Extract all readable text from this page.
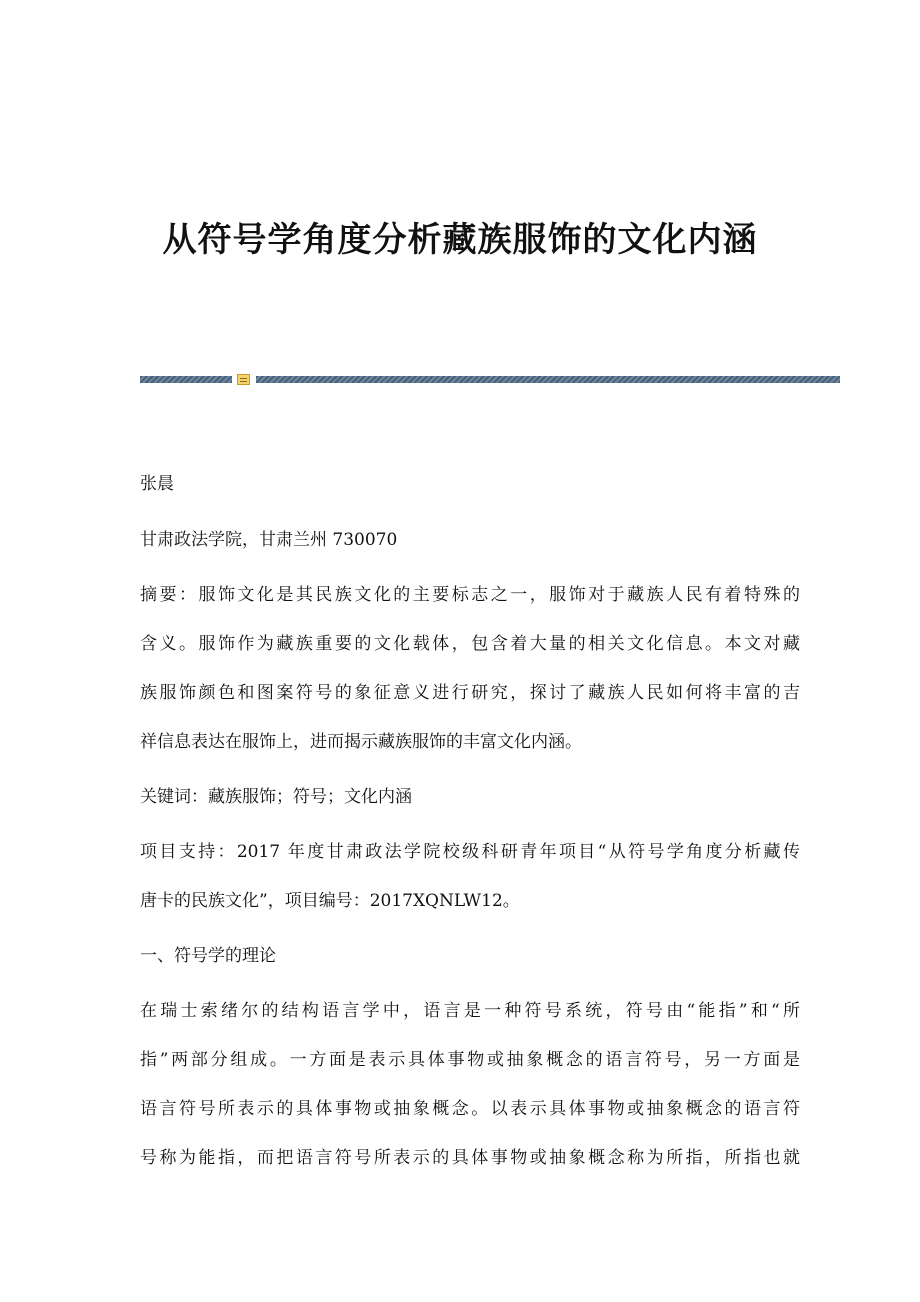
从符号学角度分析藏族服饰的文化内涵

张晨

甘肃政法学院，甘肃兰州 730070

摘要：服饰文化是其民族文化的主要标志之一，服饰对于藏族人民有着特殊的

含义。服饰作为藏族重要的文化载体，包含着大量的相关文化信息。本文对藏

族服饰颜色和图案符号的象征意义进行研究，探讨了藏族人民如何将丰富的吉

祥信息表达在服饰上，进而揭示藏族服饰的丰富文化内涵。

关键词：藏族服饰；符号；文化内涵

项目支持：2017 年度甘肃政法学院校级科研青年项目“从符号学角度分析藏传

唐卡的民族文化”，项目编号：2017XQNLW12。

一、符号学的理论

在瑞士索绪尔的结构语言学中，语言是一种符号系统，符号由“能指”和“所

指”两部分组成。一方面是表示具体事物或抽象概念的语言符号，另一方面是

语言符号所表示的具体事物或抽象概念。以表示具体事物或抽象概念的语言符

号称为能指，而把语言符号所表示的具体事物或抽象概念称为所指，所指也就
